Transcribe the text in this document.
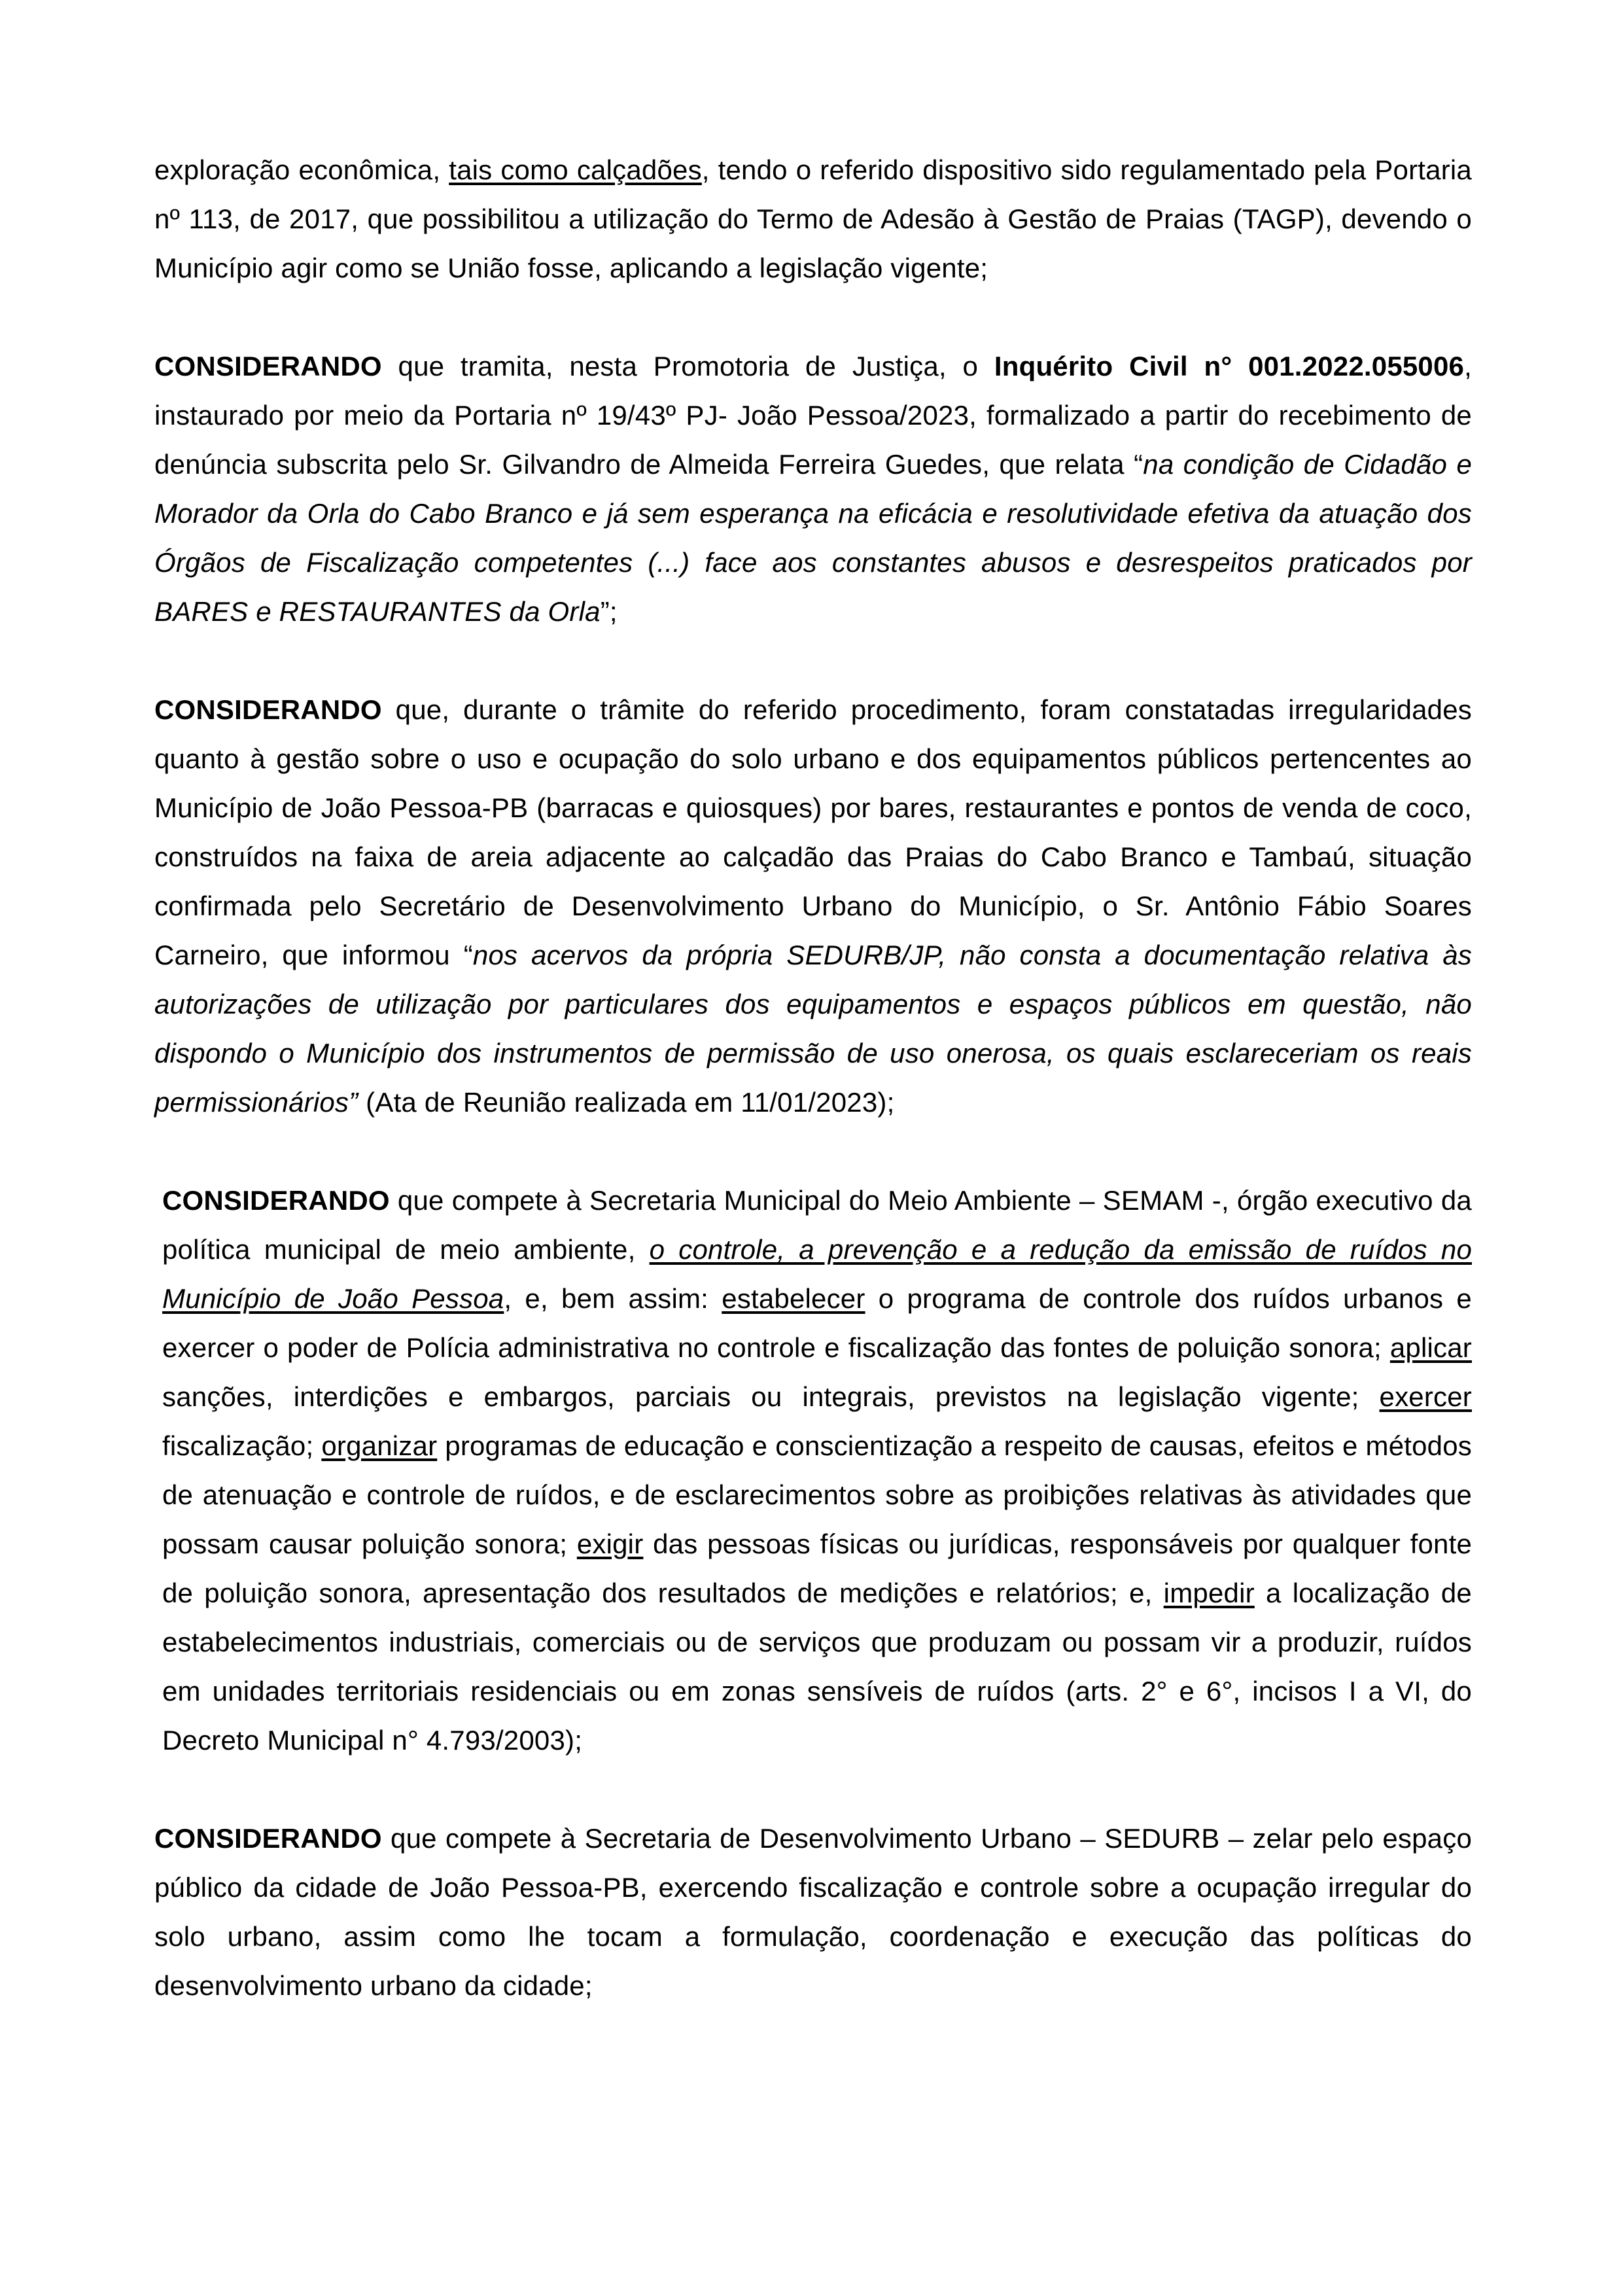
exploração econômica, tais como calçadões, tendo o referido dispositivo sido regulamentado pela Portaria nº 113, de 2017, que possibilitou a utilização do Termo de Adesão à Gestão de Praias (TAGP), devendo o Município agir como se União fosse, aplicando a legislação vigente;

CONSIDERANDO que tramita, nesta Promotoria de Justiça, o Inquérito Civil n° 001.2022.055006, instaurado por meio da Portaria nº 19/43º PJ- João Pessoa/2023, formalizado a partir do recebimento de denúncia subscrita pelo Sr. Gilvandro de Almeida Ferreira Guedes, que relata “na condição de Cidadão e Morador da Orla do Cabo Branco e já sem esperança na eficácia e resolutividade efetiva da atuação dos Órgãos de Fiscalização competentes (...) face aos constantes abusos e desrespeitos praticados por BARES e RESTAURANTES da Orla”;

CONSIDERANDO que, durante o trâmite do referido procedimento, foram constatadas irregularidades quanto à gestão sobre o uso e ocupação do solo urbano e dos equipamentos públicos pertencentes ao Município de João Pessoa-PB (barracas e quiosques) por bares, restaurantes e pontos de venda de coco, construídos na faixa de areia adjacente ao calçadão das Praias do Cabo Branco e Tambaú, situação confirmada pelo Secretário de Desenvolvimento Urbano do Município, o Sr. Antônio Fábio Soares Carneiro, que informou “nos acervos da própria SEDURB/JP, não consta a documentação relativa às autorizações de utilização por particulares dos equipamentos e espaços públicos em questão, não dispondo o Município dos instrumentos de permissão de uso onerosa, os quais esclareceriam os reais permissionários” (Ata de Reunião realizada em 11/01/2023);

CONSIDERANDO que compete à Secretaria Municipal do Meio Ambiente – SEMAM -, órgão executivo da política municipal de meio ambiente, o controle, a prevenção e a redução da emissão de ruídos no Município de João Pessoa, e, bem assim: estabelecer o programa de controle dos ruídos urbanos e exercer o poder de Polícia administrativa no controle e fiscalização das fontes de poluição sonora; aplicar sanções, interdições e embargos, parciais ou integrais, previstos na legislação vigente; exercer fiscalização; organizar programas de educação e conscientização a respeito de causas, efeitos e métodos de atenuação e controle de ruídos, e de esclarecimentos sobre as proibições relativas às atividades que possam causar poluição sonora; exigir das pessoas físicas ou jurídicas, responsáveis por qualquer fonte de poluição sonora, apresentação dos resultados de medições e relatórios; e, impedir a localização de estabelecimentos industriais, comerciais ou de serviços que produzam ou possam vir a produzir, ruídos em unidades territoriais residenciais ou em zonas sensíveis de ruídos (arts. 2° e 6°, incisos I a VI, do Decreto Municipal n° 4.793/2003);

CONSIDERANDO que compete à Secretaria de Desenvolvimento Urbano – SEDURB – zelar pelo espaço público da cidade de João Pessoa-PB, exercendo fiscalização e controle sobre a ocupação irregular do solo urbano, assim como lhe tocam a formulação, coordenação e execução das políticas do desenvolvimento urbano da cidade;
